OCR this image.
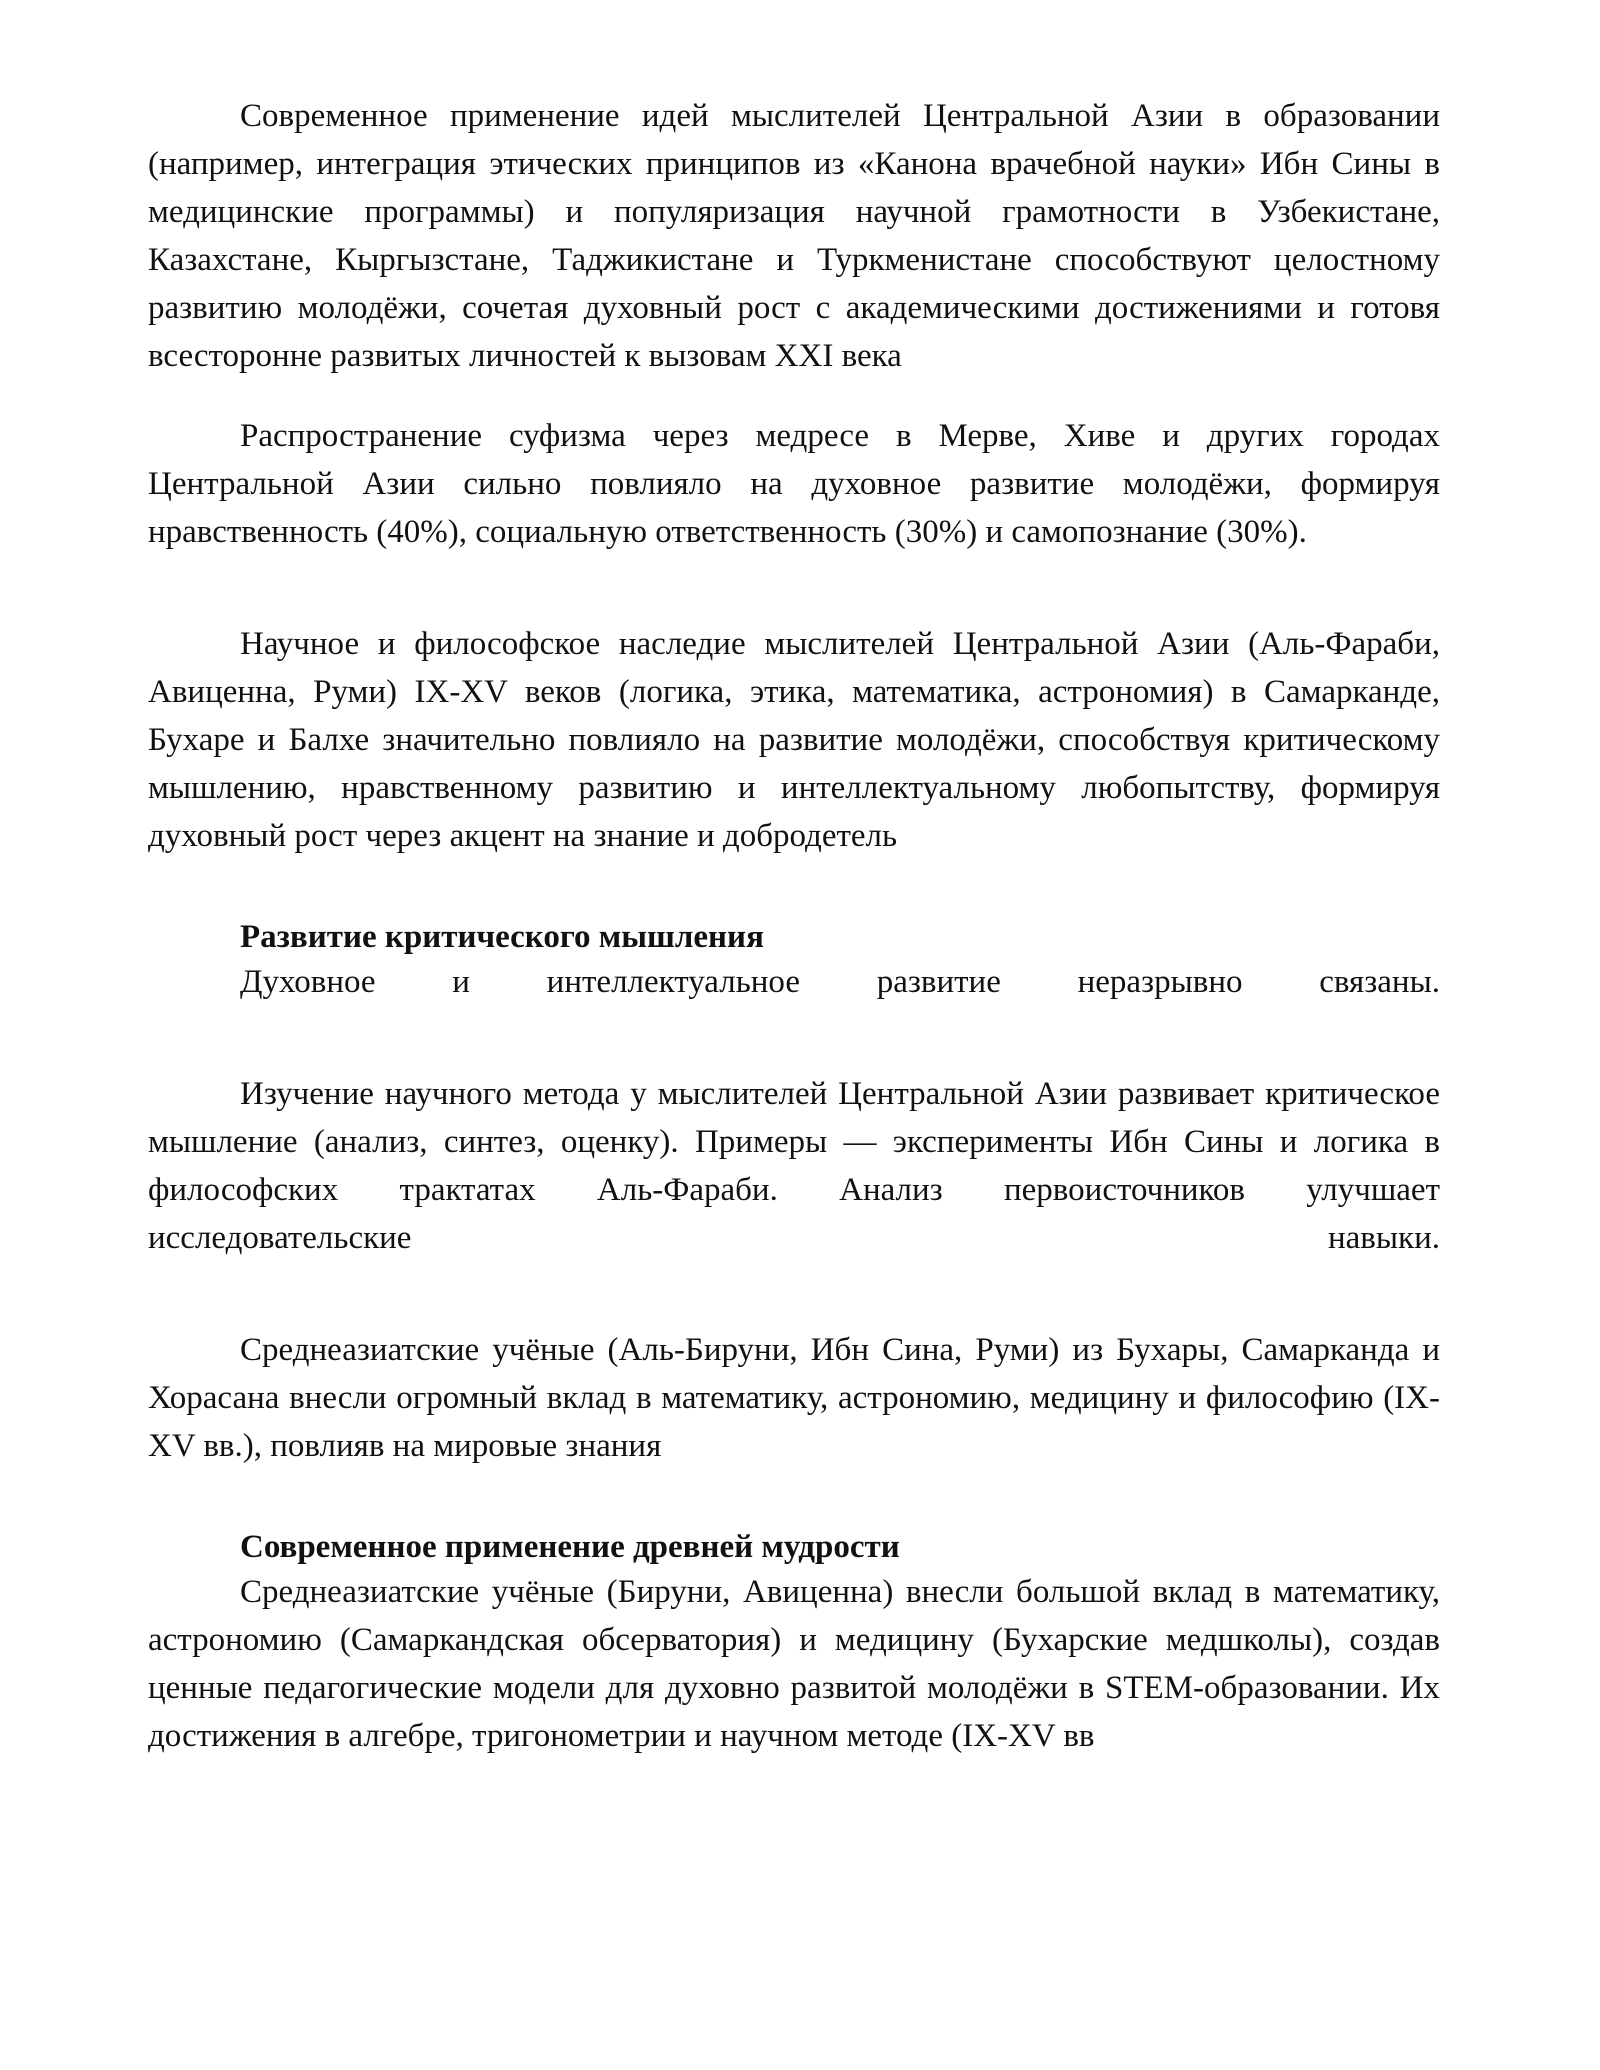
Современное применение идей мыслителей Центральной Азии в образовании (например, интеграция этических принципов из «Канона врачебной науки» Ибн Сины в медицинские программы) и популяризация научной грамотности в Узбекистане, Казахстане, Кыргызстане, Таджикистане и Туркменистане способствуют целостному развитию молодёжи, сочетая духовный рост с академическими достижениями и готовя всесторонне развитых личностей к вызовам XXI века

Распространение суфизма через медресе в Мерве, Хиве и других городах Центральной Азии сильно повлияло на духовное развитие молодёжи, формируя нравственность (40%), социальную ответственность (30%) и самопознание (30%).

Научное и философское наследие мыслителей Центральной Азии (Аль-Фараби, Авиценна, Руми) IX-XV веков (логика, этика, математика, астрономия) в Самарканде, Бухаре и Балхе значительно повлияло на развитие молодёжи, способствуя критическому мышлению, нравственному развитию и интеллектуальному любопытству, формируя духовный рост через акцент на знание и добродетель

Развитие критического мышления

Духовное и интеллектуальное развитие неразрывно связаны.

Изучение научного метода у мыслителей Центральной Азии развивает критическое мышление (анализ, синтез, оценку). Примеры — эксперименты Ибн Сины и логика в философских трактатах Аль-Фараби. Анализ первоисточников улучшает исследовательские навыки.

Среднеазиатские учёные (Аль-Бируни, Ибн Сина, Руми) из Бухары, Самарканда и Хорасана внесли огромный вклад в математику, астрономию, медицину и философию (IX-XV вв.), повлияв на мировые знания

Современное применение древней мудрости

Среднеазиатские учёные (Бируни, Авиценна) внесли большой вклад в математику, астрономию (Самаркандская обсерватория) и медицину (Бухарские медшколы), создав ценные педагогические модели для духовно развитой молодёжи в STEM-образовании. Их достижения в алгебре, тригонометрии и научном методе (IX-XV вв
